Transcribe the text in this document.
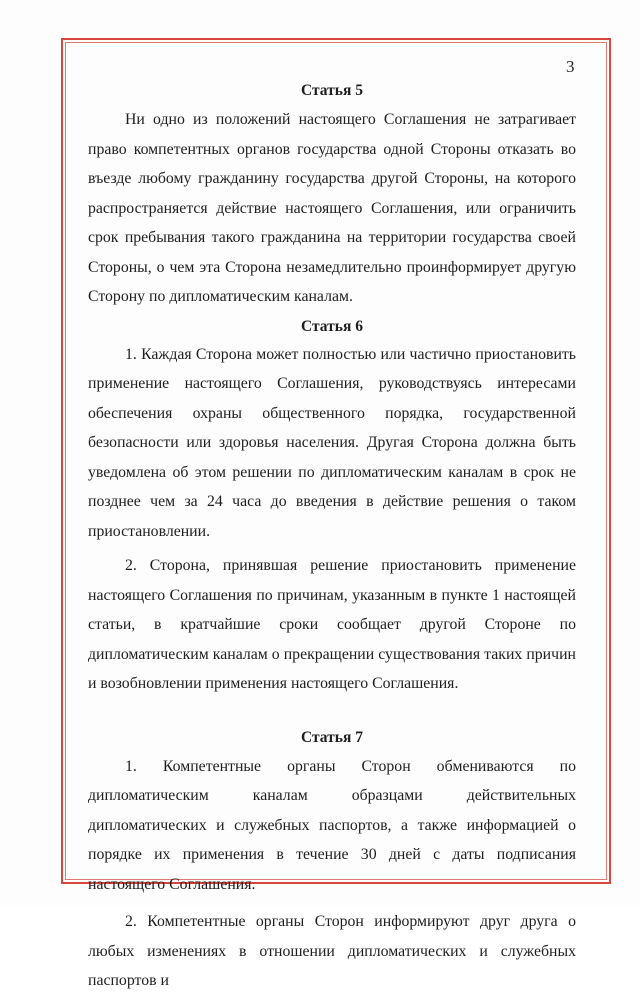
3
Статья 5

Ни одно из положений настоящего Соглашения не затрагивает право компетентных органов государства одной Стороны отказать во въезде любому гражданину государства другой Стороны, на которого распространяется действие настоящего Соглашения, или ограничить срок пребывания такого гражданина на территории государства своей Стороны, о чем эта Сторона незамедлительно проинформирует другую Сторону по дипломатическим каналам.

Статья 6

1. Каждая Сторона может полностью или частично приостановить применение настоящего Соглашения, руководствуясь интересами обеспечения охраны общественного порядка, государственной безопасности или здоровья населения. Другая Сторона должна быть уведомлена об этом решении по дипломатическим каналам в срок не позднее чем за 24 часа до введения в действие решения о таком приостановлении.

2. Сторона, принявшая решение приостановить применение настоящего Соглашения по причинам, указанным в пункте 1 настоящей статьи, в кратчайшие сроки сообщает другой Стороне по дипломатическим каналам о прекращении существования таких причин и возобновлении применения настоящего Соглашения.

Статья 7

1. Компетентные органы Сторон обмениваются по дипломатическим каналам образцами действительных дипломатических и служебных паспортов, а также информацией о порядке их применения в течение 30 дней с даты подписания настоящего Соглашения.

2. Компетентные органы Сторон информируют друг друга о любых изменениях в отношении дипломатических и служебных паспортов и
